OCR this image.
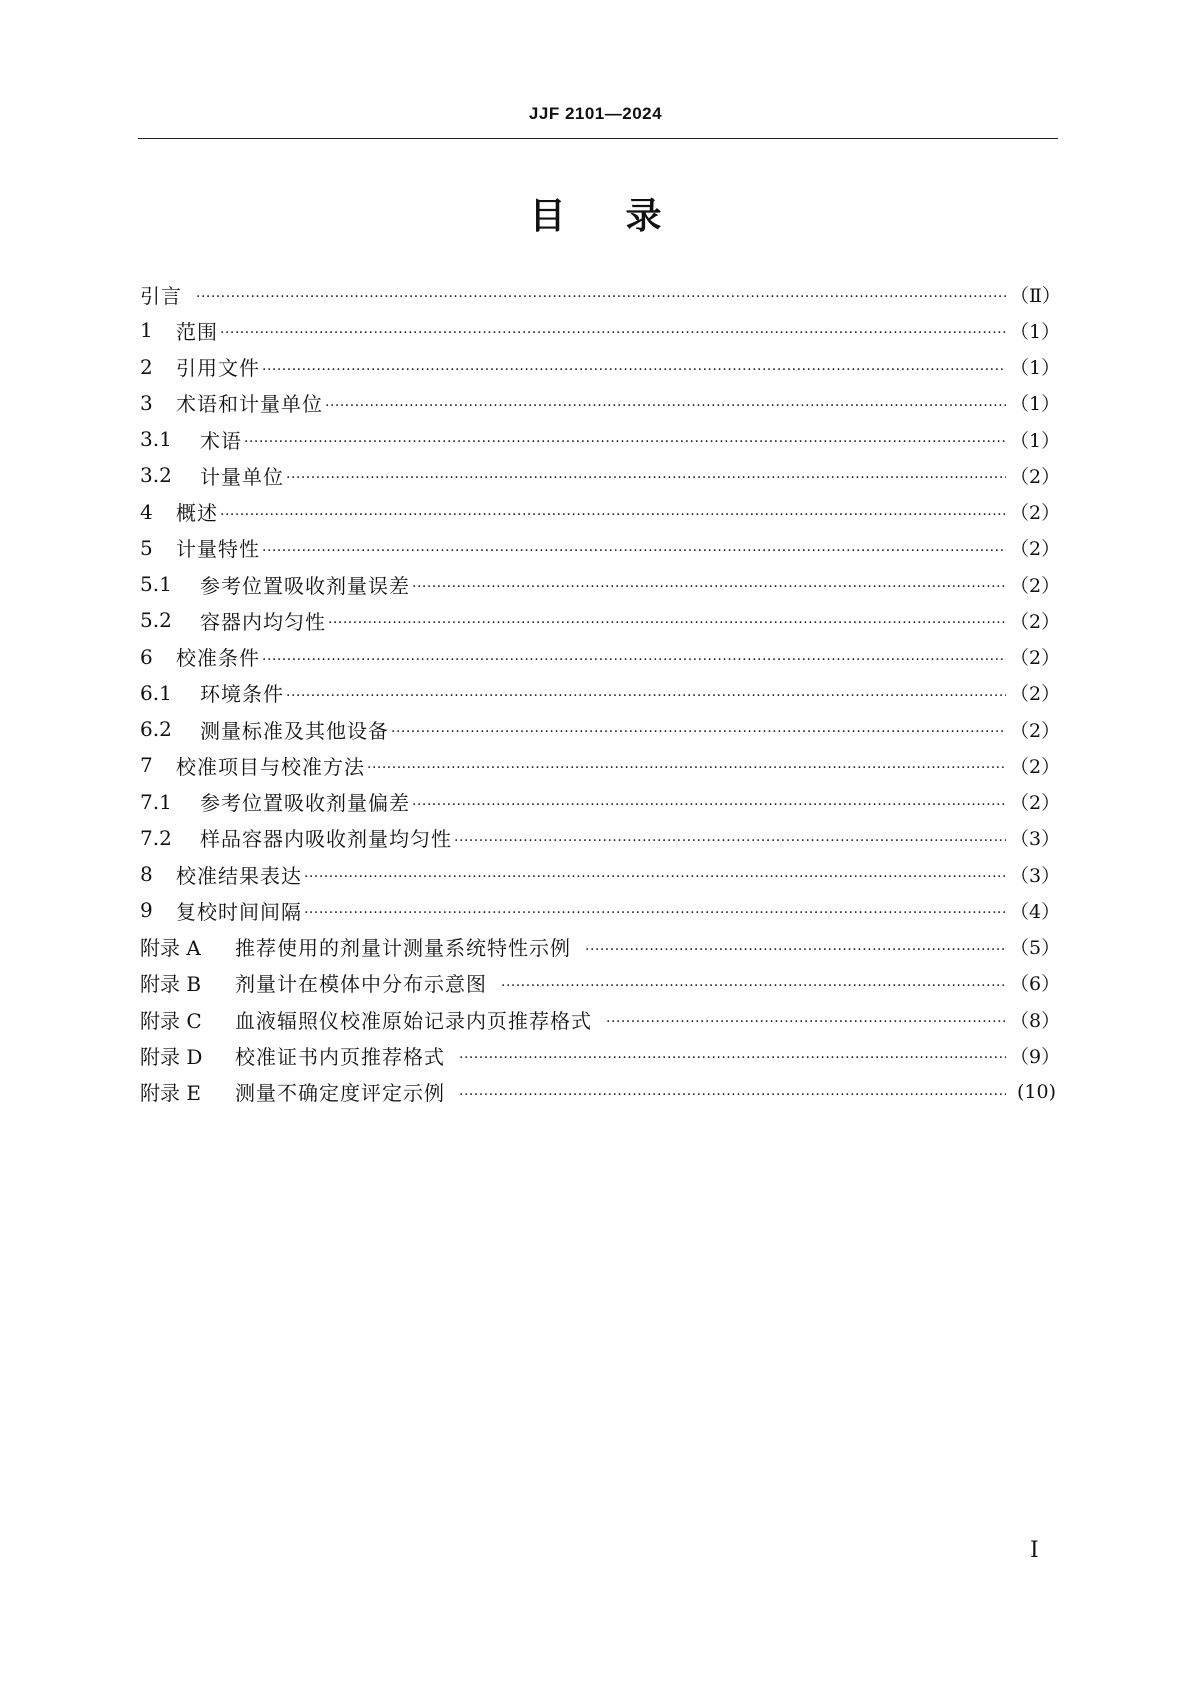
JJF 2101—2024
目录
引言 ·····	（Ⅱ）
1	范围 ·····	（1）
2	引用文件 ·····	（1）
3	术语和计量单位 ·····	（1）
3.1	术语 ·····	（1）
3.2	计量单位 ·····	（2）
4	概述 ·····	（2）
5	计量特性 ·····	（2）
5.1	参考位置吸收剂量误差 ·····	（2）
5.2	容器内均匀性 ·····	（2）
6	校准条件 ·····	（2）
6.1	环境条件 ·····	（2）
6.2	测量标准及其他设备 ·····	（2）
7	校准项目与校准方法 ·····	（2）
7.1	参考位置吸收剂量偏差 ·····	（2）
7.2	样品容器内吸收剂量均匀性 ·····	（3）
8	校准结果表达 ·····	（3）
9	复校时间间隔 ·····	（4）
附录 A	推荐使用的剂量计测量系统特性示例 ·····	（5）
附录 B	剂量计在模体中分布示意图 ·····	（6）
附录 C	血液辐照仪校准原始记录内页推荐格式 ·····	（8）
附录 D	校准证书内页推荐格式 ·····	（9）
附录 E	测量不确定度评定示例 ·····	(10)
I
